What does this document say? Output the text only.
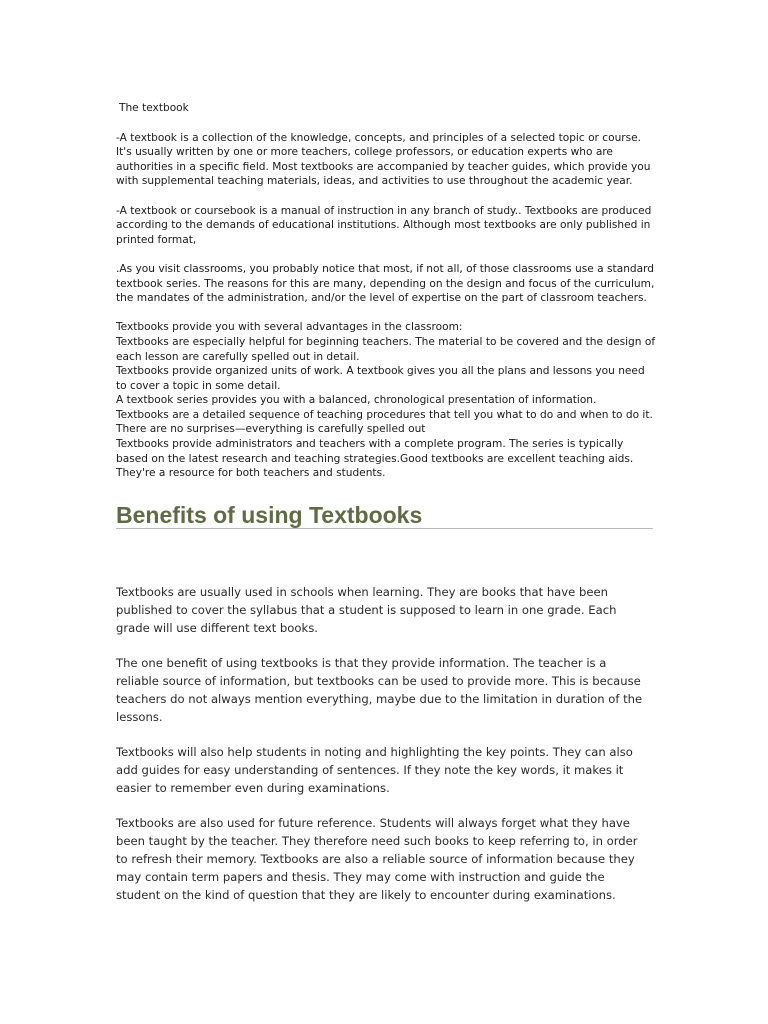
The textbook

-A textbook is a collection of the knowledge, concepts, and principles of a selected topic or course. It's usually written by one or more teachers, college professors, or education experts who are authorities in a specific field. Most textbooks are accompanied by teacher guides, which provide you with supplemental teaching materials, ideas, and activities to use throughout the academic year.

-A textbook or coursebook is a manual of instruction in any branch of study.. Textbooks are produced according to the demands of educational institutions. Although most textbooks are only published in printed format,

.As you visit classrooms, you probably notice that most, if not all, of those classrooms use a standard textbook series. The reasons for this are many, depending on the design and focus of the curriculum, the mandates of the administration, and/or the level of expertise on the part of classroom teachers.

Textbooks provide you with several advantages in the classroom:

Textbooks are especially helpful for beginning teachers. The material to be covered and the design of each lesson are carefully spelled out in detail.

Textbooks provide organized units of work. A textbook gives you all the plans and lessons you need to cover a topic in some detail.

A textbook series provides you with a balanced, chronological presentation of information.

Textbooks are a detailed sequence of teaching procedures that tell you what to do and when to do it. There are no surprises—everything is carefully spelled out

Textbooks provide administrators and teachers with a complete program. The series is typically based on the latest research and teaching strategies.Good textbooks are excellent teaching aids. They're a resource for both teachers and students.

Benefits of using Textbooks

Textbooks are usually used in schools when learning. They are books that have been published to cover the syllabus that a student is supposed to learn in one grade. Each grade will use different text books.

The one benefit of using textbooks is that they provide information. The teacher is a reliable source of information, but textbooks can be used to provide more. This is because teachers do not always mention everything, maybe due to the limitation in duration of the lessons.

Textbooks will also help students in noting and highlighting the key points. They can also add guides for easy understanding of sentences. If they note the key words, it makes it easier to remember even during examinations.

Textbooks are also used for future reference. Students will always forget what they have been taught by the teacher. They therefore need such books to keep referring to, in order to refresh their memory. Textbooks are also a reliable source of information because they may contain term papers and thesis. They may come with instruction and guide the student on the kind of question that they are likely to encounter during examinations.
